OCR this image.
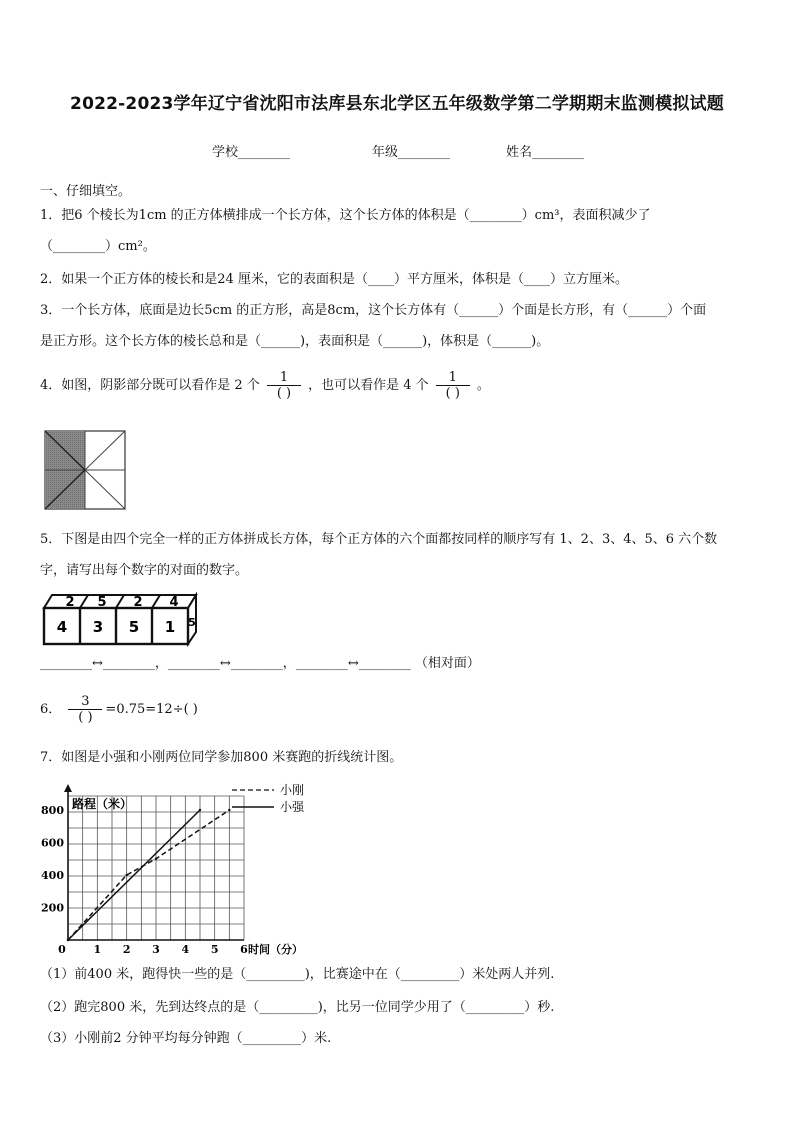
2022-2023学年辽宁省沈阳市法库县东北学区五年级数学第二学期期末监测模拟试题
学校________	年级________	姓名________
一、仔细填空。
1．把6 个棱长为1cm 的正方体横排成一个长方体，这个长方体的体积是（________）cm³，表面积减少了
（________）cm²。
2．如果一个正方体的棱长和是24 厘米，它的表面积是（____）平方厘米，体积是（____）立方厘米。
3．一个长方体，底面是边长5cm 的正方形，高是8cm，这个长方体有（______）个面是长方形，有（______）个面
是正方形。这个长方体的棱长总和是（______)，表面积是（______)，体积是（______)。
4．如图，阴影部分既可以看作是 2 个 $\frac{1}{( )}$ ，也可以看作是 4 个 $\frac{1}{( )}$ 。
5．下图是由四个完全一样的正方体拼成长方体，每个正方体的六个面都按同样的顺序写有 1、2、3、4、5、6 六个数
字，请写出每个数字的对面的数字。
2 5 2 4
4 3 5 1 5
________↔________，________↔________，________↔________ （相对面）
6． $\frac{3}{( )} =0.75=12\div$( )
7．如图是小强和小刚两位同学参加800 米赛跑的折线统计图。
路程（米）
200
400
600
800
0	1 2 3 4 5 6 时间（分）
小刚
小强
（1）前400 米，跑得快一些的是（_________)，比赛途中在（_________）米处两人并列.
（2）跑完800 米，先到达终点的是（_________)，比另一位同学少用了（_________）秒.
（3）小刚前2 分钟平均每分钟跑（_________）米.
